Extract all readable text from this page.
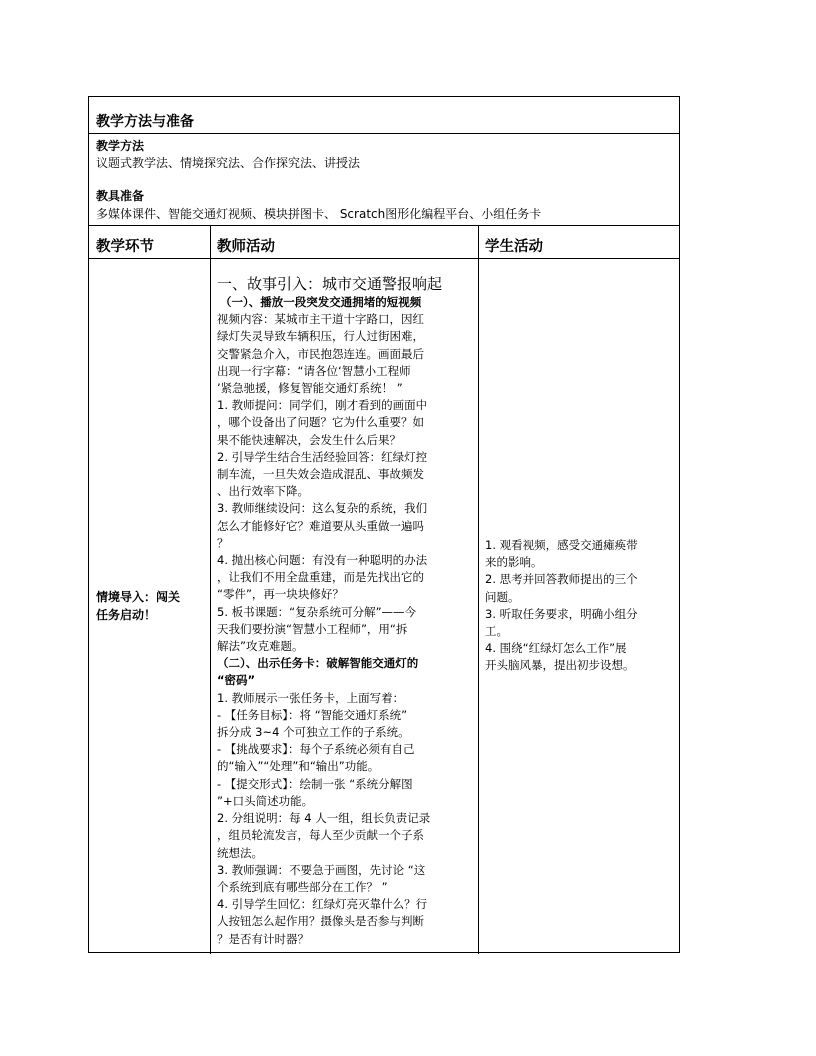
教学方法与准备
教学方法
议题式教学法、情境探究法、合作探究法、讲授法
教具准备
多媒体课件、智能交通灯视频、模块拼图卡、 Scratch图形化编程平台、小组任务卡
教学环节	教师活动	学生活动
情境导入：闯关
任务启动！
一、故事引入：城市交通警报响起
（一）、播放一段突发交通拥堵的短视频
视频内容：某城市主干道十字路口，因红
绿灯失灵导致车辆积压，行人过街困难，
交警紧急介入，市民抱怨连连。画面最后
出现一行字幕：“请各位‘智慧小工程师
’紧急驰援，修复智能交通灯系统！ ”
1. 教师提问：同学们，刚才看到的画面中
，哪个设备出了问题？它为什么重要？如
果不能快速解决，会发生什么后果？
2. 引导学生结合生活经验回答：红绿灯控
制车流，一旦失效会造成混乱、事故频发
、出行效率下降。
3. 教师继续设问：这么复杂的系统，我们
怎么才能修好它？难道要从头重做一遍吗
？
4. 抛出核心问题：有没有一种聪明的办法
，让我们不用全盘重建，而是先找出它的
“零件”，再一块块修好？
5. 板书课题：“复杂系统可分解”——今
天我们要扮演“智慧小工程师”，用“拆
解法”攻克难题。
（二）、出示任务卡：破解智能交通灯的
“密码”
1. 教师展示一张任务卡，上面写着：
- 【任务目标】：将 “智能交通灯系统”
拆分成 3~4 个可独立工作的子系统。
- 【挑战要求】：每个子系统必须有自己
的“输入”“处理”和“输出”功能。
- 【提交形式】：绘制一张 “系统分解图
”+口头简述功能。
2. 分组说明：每 4 人一组，组长负责记录
，组员轮流发言，每人至少贡献一个子系
统想法。
3. 教师强调：不要急于画图，先讨论 “这
个系统到底有哪些部分在工作？ ”
4. 引导学生回忆：红绿灯亮灭靠什么？行
人按钮怎么起作用？摄像头是否参与判断
？是否有计时器？
1. 观看视频，感受交通瘫痪带
来的影响。
2. 思考并回答教师提出的三个
问题。
3. 听取任务要求，明确小组分
工。
4. 围绕“红绿灯怎么工作”展
开头脑风暴，提出初步设想。
